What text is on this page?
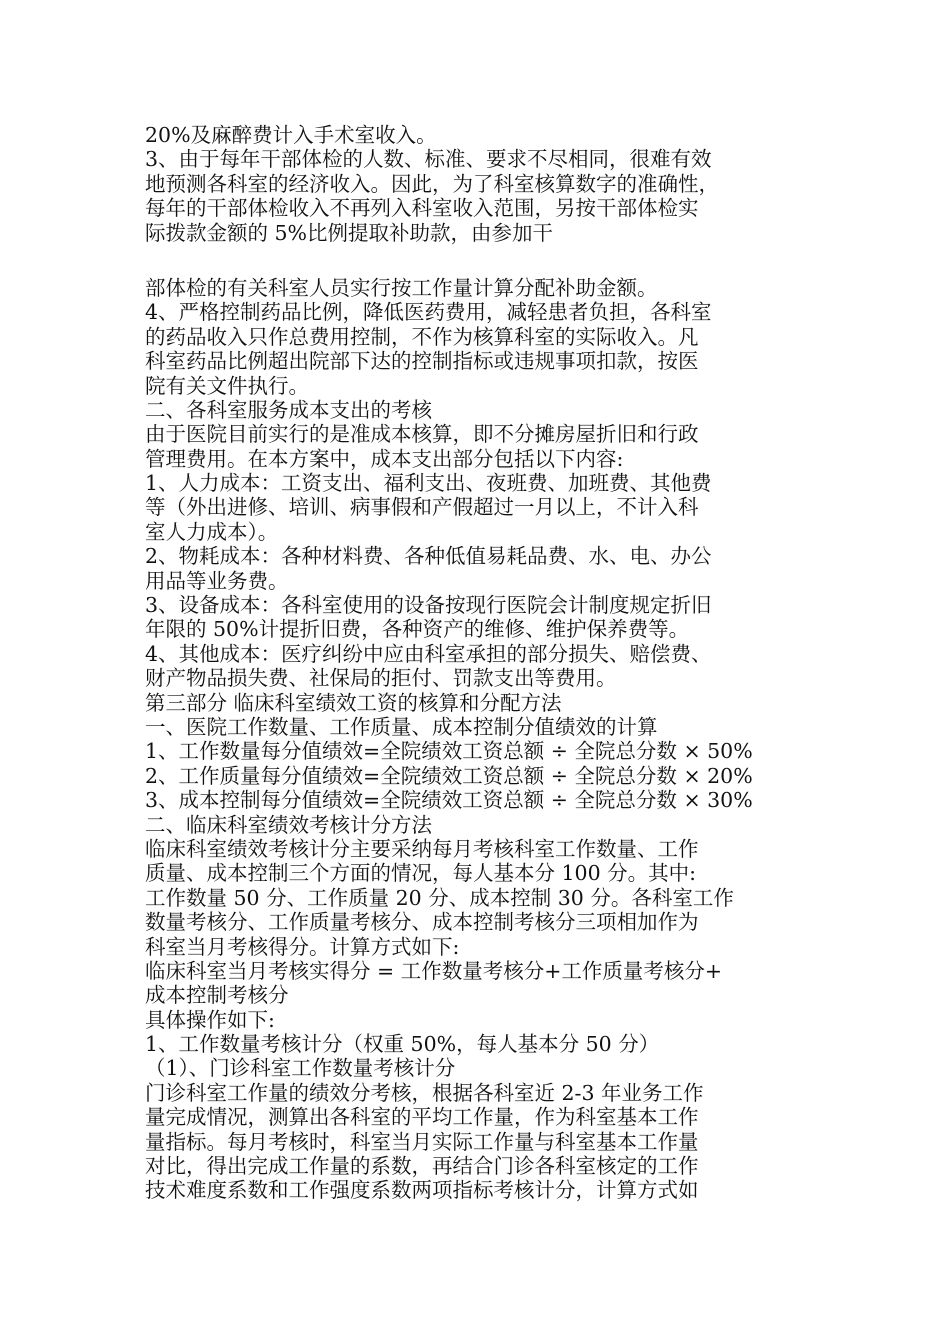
20%及麻醉费计入手术室收入。
3、由于每年干部体检的人数、标准、要求不尽相同，很难有效
地预测各科室的经济收入。因此，为了科室核算数字的准确性，
每年的干部体检收入不再列入科室收入范围，另按干部体检实
际拨款金额的 5%比例提取补助款，由参加干
部体检的有关科室人员实行按工作量计算分配补助金额。
4、严格控制药品比例，降低医药费用，减轻患者负担，各科室
的药品收入只作总费用控制，不作为核算科室的实际收入。凡
科室药品比例超出院部下达的控制指标或违规事项扣款，按医
院有关文件执行。
二、各科室服务成本支出的考核
由于医院目前实行的是准成本核算，即不分摊房屋折旧和行政
管理费用。在本方案中，成本支出部分包括以下内容:
1、人力成本：工资支出、福利支出、夜班费、加班费、其他费
等（外出进修、培训、病事假和产假超过一月以上，不计入科
室人力成本）。
2、物耗成本：各种材料费、各种低值易耗品费、水、电、办公
用品等业务费。
3、设备成本：各科室使用的设备按现行医院会计制度规定折旧
年限的 50%计提折旧费，各种资产的维修、维护保养费等。
4、其他成本：医疗纠纷中应由科室承担的部分损失、赔偿费、
财产物品损失费、社保局的拒付、罚款支出等费用。
第三部分 临床科室绩效工资的核算和分配方法
一、医院工作数量、工作质量、成本控制分值绩效的计算
1、工作数量每分值绩效=全院绩效工资总额 ÷ 全院总分数 × 50%
2、工作质量每分值绩效=全院绩效工资总额 ÷ 全院总分数 × 20%
3、成本控制每分值绩效=全院绩效工资总额 ÷ 全院总分数 × 30%
二、临床科室绩效考核计分方法
临床科室绩效考核计分主要采纳每月考核科室工作数量、工作
质量、成本控制三个方面的情况，每人基本分 100 分。其中:
工作数量 50 分、工作质量 20 分、成本控制 30 分。各科室工作
数量考核分、工作质量考核分、成本控制考核分三项相加作为
科室当月考核得分。计算方式如下:
临床科室当月考核实得分 = 工作数量考核分+工作质量考核分+
成本控制考核分
具体操作如下:
1、工作数量考核计分（权重 50%，每人基本分 50 分）
（1）、门诊科室工作数量考核计分
门诊科室工作量的绩效分考核，根据各科室近 2-3 年业务工作
量完成情况，测算出各科室的平均工作量，作为科室基本工作
量指标。每月考核时，科室当月实际工作量与科室基本工作量
对比，得出完成工作量的系数，再结合门诊各科室核定的工作
技术难度系数和工作强度系数两项指标考核计分，计算方式如
